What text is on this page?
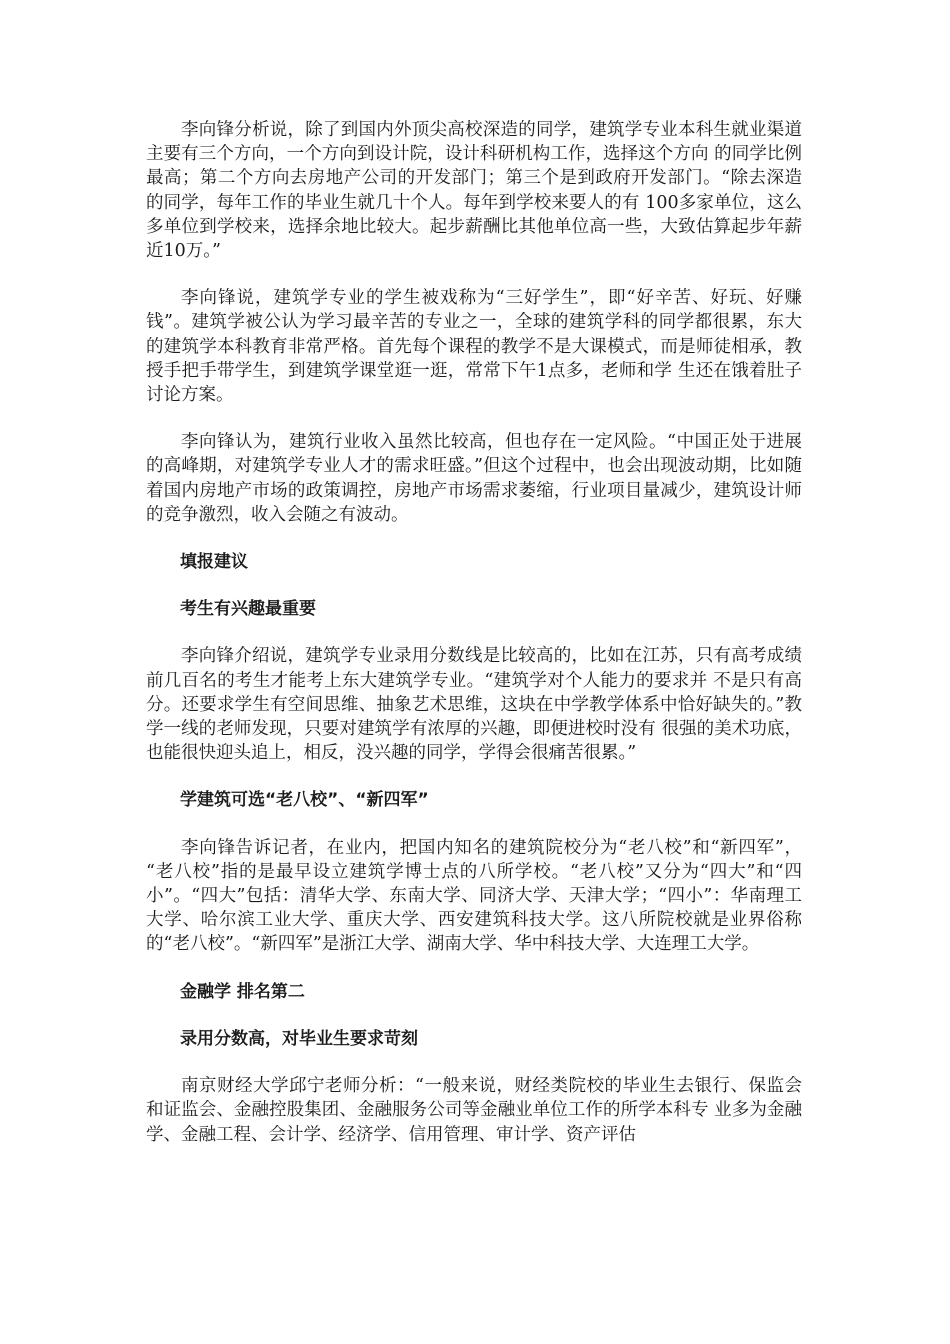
李向锋分析说，除了到国内外顶尖高校深造的同学，建筑学专业本科生就业渠道主要有三个方向，一个方向到设计院，设计科研机构工作，选择这个方向 的同学比例最高；第二个方向去房地产公司的开发部门；第三个是到政府开发部门。“除去深造的同学，每年工作的毕业生就几十个人。每年到学校来要人的有 100多家单位，这么多单位到学校来，选择余地比较大。起步薪酬比其他单位高一些，大致估算起步年薪近10万。”

李向锋说，建筑学专业的学生被戏称为“三好学生”，即“好辛苦、好玩、好赚钱”。建筑学被公认为学习最辛苦的专业之一，全球的建筑学科的同学都很累，东大的建筑学本科教育非常严格。首先每个课程的教学不是大课模式，而是师徒相承，教授手把手带学生，到建筑学课堂逛一逛，常常下午1点多，老师和学 生还在饿着肚子讨论方案。

李向锋认为，建筑行业收入虽然比较高，但也存在一定风险。“中国正处于进展的高峰期，对建筑学专业人才的需求旺盛。”但这个过程中，也会出现波动期，比如随着国内房地产市场的政策调控，房地产市场需求萎缩，行业项目量减少，建筑设计师的竞争激烈，收入会随之有波动。

填报建议

考生有兴趣最重要

李向锋介绍说，建筑学专业录用分数线是比较高的，比如在江苏，只有高考成绩前几百名的考生才能考上东大建筑学专业。“建筑学对个人能力的要求并 不是只有高分。还要求学生有空间思维、抽象艺术思维，这块在中学教学体系中恰好缺失的。”教学一线的老师发现，只要对建筑学有浓厚的兴趣，即便进校时没有 很强的美术功底，也能很快迎头追上，相反，没兴趣的同学，学得会很痛苦很累。”

学建筑可选“老八校”、“新四军”

李向锋告诉记者，在业内，把国内知名的建筑院校分为“老八校”和“新四军”， “老八校”指的是最早设立建筑学博士点的八所学校。“老八校”又分为“四大”和“四小”。“四大”包括：清华大学、东南大学、同济大学、天津大学；“四小”：华南理工大学、哈尔滨工业大学、重庆大学、西安建筑科技大学。这八所院校就是业界俗称的“老八校”。“新四军”是浙江大学、湖南大学、华中科技大学、大连理工大学。

金融学 排名第二

录用分数高，对毕业生要求苛刻

南京财经大学邱宁老师分析：“一般来说，财经类院校的毕业生去银行、保监会和证监会、金融控股集团、金融服务公司等金融业单位工作的所学本科专 业多为金融学、金融工程、会计学、经济学、信用管理、审计学、资产评估
